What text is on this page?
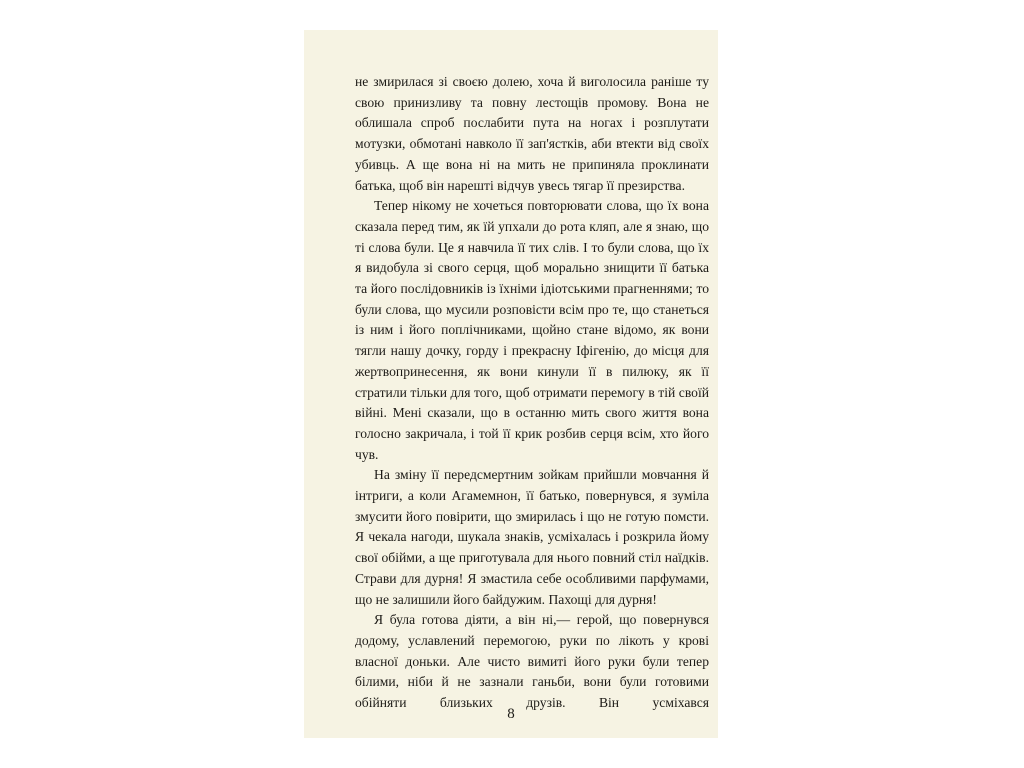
не змирилася зі своєю долею, хоча й виголосила раніше ту свою принизливу та повну лестощів промову. Вона не облишала спроб послабити пута на ногах і розплутати мотузки, обмотані навколо її зап'ястків, аби втекти від своїх убивць. А ще вона ні на мить не припиняла проклинати батька, щоб він нарешті відчув увесь тягар її презирства.

Тепер нікому не хочеться повторювати слова, що їх вона сказала перед тим, як їй упхали до рота кляп, але я знаю, що ті слова були. Це я навчила її тих слів. І то були слова, що їх я видобула зі свого серця, щоб морально знищити її батька та його послідовників із їхніми ідіотськими прагненнями; то були слова, що мусили розповісти всім про те, що станеться із ним і його поплічниками, щойно стане відомо, як вони тягли нашу дочку, горду і прекрасну Іфігенію, до місця для жертвопринесення, як вони кинули її в пилюку, як її стратили тільки для того, щоб отримати перемогу в тій своїй війні. Мені сказали, що в останню мить свого життя вона голосно закричала, і той її крик розбив серця всім, хто його чув.

На зміну її передсмертним зойкам прийшли мовчання й інтриги, а коли Агамемнон, її батько, повернувся, я зуміла змусити його повірити, що змирилась і що не готую помсти. Я чекала нагоди, шукала знаків, усміхалась і розкрила йому свої обійми, а ще приготувала для нього повний стіл наїдків. Страви для дурня! Я змастила себе особливими парфумами, що не залишили його байдужим. Пахощі для дурня!

Я була готова діяти, а він ні,— герой, що повернувся додому, уславлений перемогою, руки по лікоть у крові власної доньки. Але чисто вимиті його руки були тепер білими, ніби й не зазнали ганьби, вони були готовими обійняти близьких друзів. Він усміхався

8
